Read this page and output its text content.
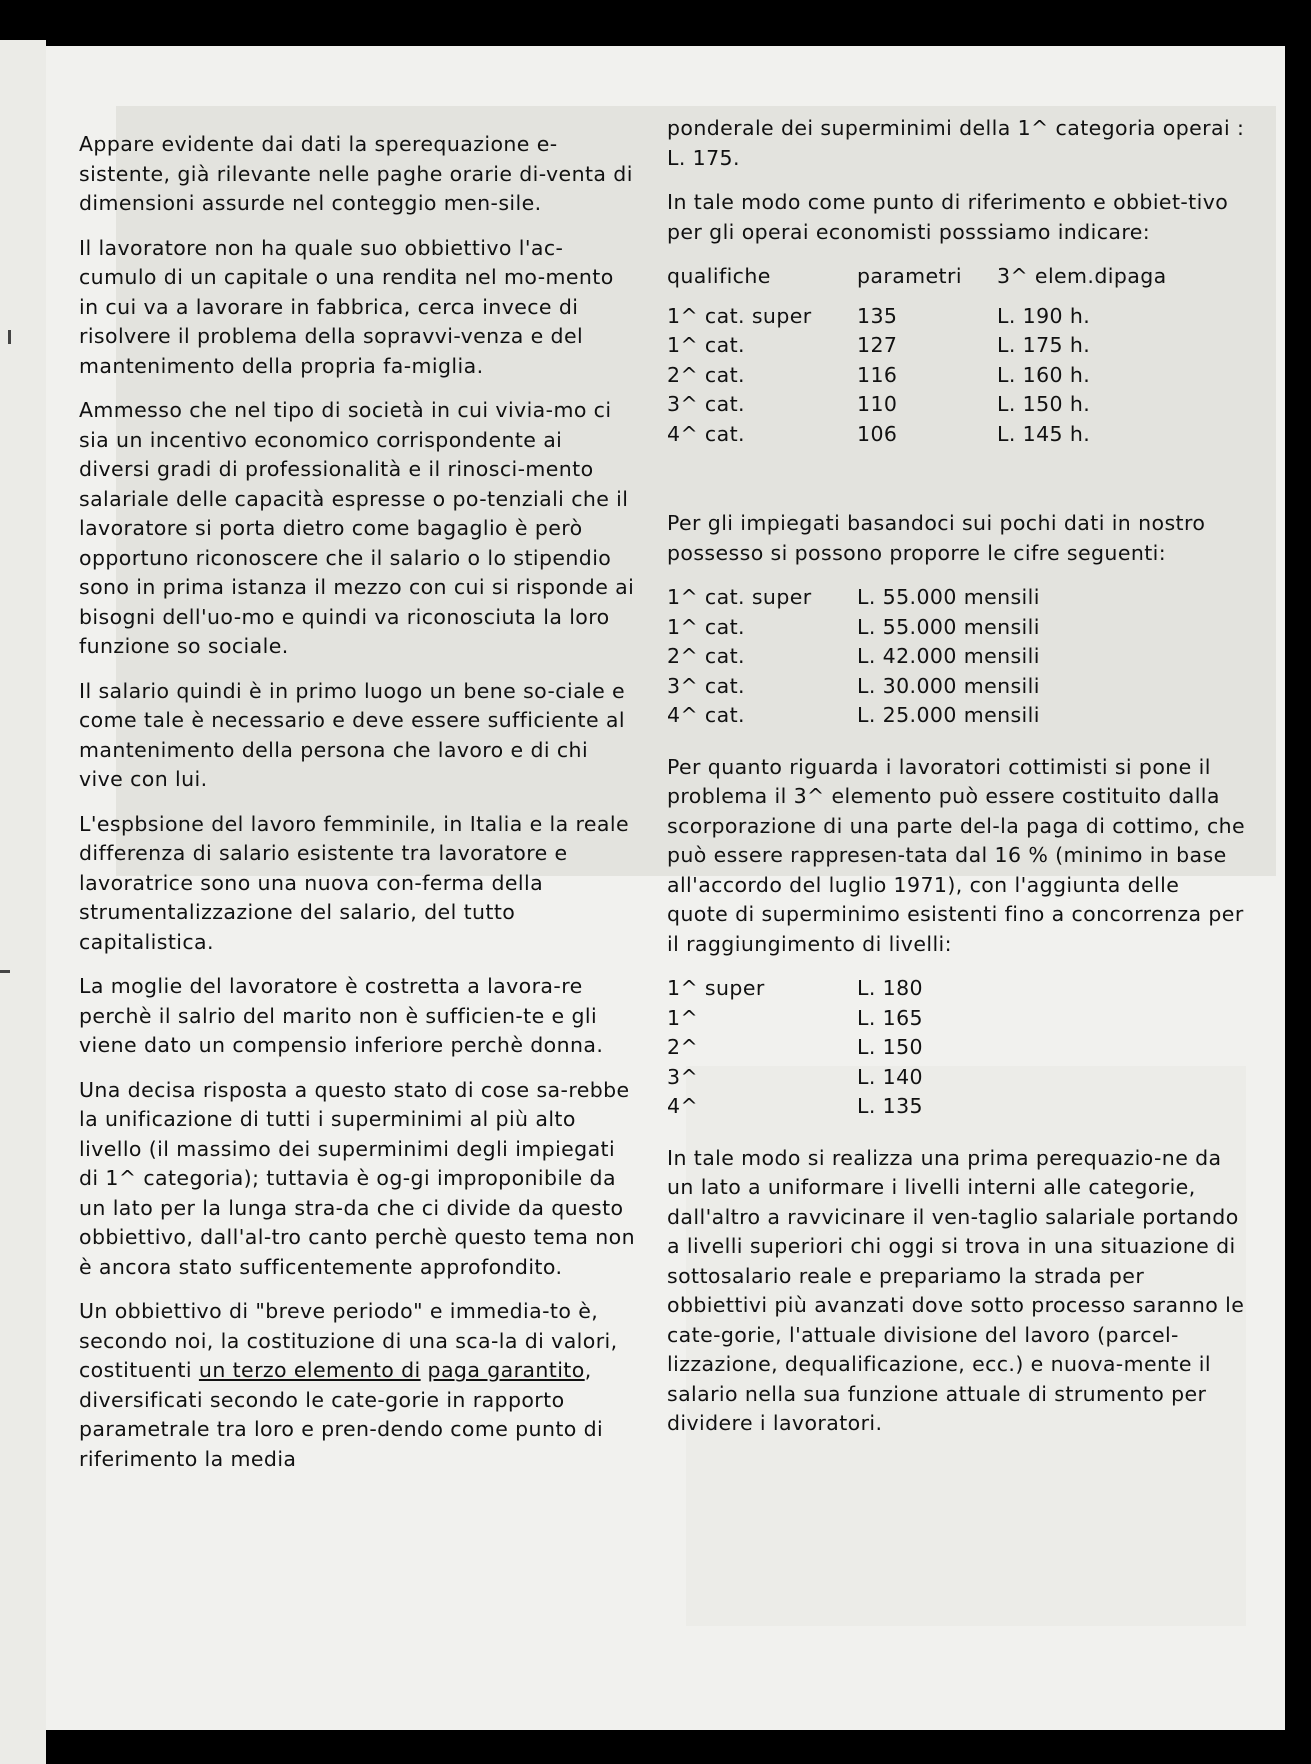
Appare evidente dai dati la sperequazione e-sistente, già rilevante nelle paghe orarie di-venta di dimensioni assurde nel conteggio men-sile.

Il lavoratore non ha quale suo obbiettivo l'ac-cumulo di un capitale o una rendita nel mo-mento in cui va a lavorare in fabbrica, cerca invece di risolvere il problema della sopravvi-venza e del mantenimento della propria fa-miglia.

Ammesso che nel tipo di società in cui vivia-mo ci sia un incentivo economico corrispondente ai diversi gradi di professionalità e il rinosci-mento salariale delle capacità espresse o po-tenziali che il lavoratore si porta dietro come bagaglio è però opportuno riconoscere che il salario o lo stipendio sono in prima istanza il mezzo con cui si risponde ai bisogni dell'uo-mo e quindi va riconosciuta la loro funzione so sociale.

Il salario quindi è in primo luogo un bene so-ciale e come tale è necessario e deve essere sufficiente al mantenimento della persona che lavoro e di chi vive con lui.

L'espbsione del lavoro femminile, in Italia e la reale differenza di salario esistente tra lavoratore e lavoratrice sono una nuova con-ferma della strumentalizzazione del salario, del tutto capitalistica.

La moglie del lavoratore è costretta a lavora-re perchè il salrio del marito non è sufficien-te e gli viene dato un compensio inferiore perchè donna.

Una decisa risposta a questo stato di cose sa-rebbe la unificazione di tutti i superminimi al più alto livello (il massimo dei superminimi degli impiegati di 1^ categoria); tuttavia è og-gi improponibile da un lato per la lunga stra-da che ci divide da questo obbiettivo, dall'al-tro canto perchè questo tema non è ancora stato sufficentemente approfondito.

Un obbiettivo di "breve periodo" e immedia-to è, secondo noi, la costituzione di una sca-la di valori, costituenti un terzo elemento di paga garantito, diversificati secondo le cate-gorie in rapporto parametrale tra loro e pren-dendo come punto di riferimento la media

ponderale dei superminimi della 1^ categoria operai : L. 175.

In tale modo come punto di riferimento e obbiet-tivo per gli operai economisti posssiamo indicare:

qualifiche	parametri	3^ elem.dipaga
1^ cat. super	135	L. 190 h.
1^ cat.	127	L. 175 h.
2^ cat.	116	L. 160 h.
3^ cat.	110	L. 150 h.
4^ cat.	106	L. 145 h.

Per gli impiegati basandoci sui pochi dati in nostro possesso si possono proporre le cifre seguenti:

1^ cat. super	L. 55.000 mensili
1^ cat.	L. 55.000 mensili
2^ cat.	L. 42.000 mensili
3^ cat.	L. 30.000 mensili
4^ cat.	L. 25.000 mensili

Per quanto riguarda i lavoratori cottimisti si pone il problema il 3^ elemento può essere costituito dalla scorporazione di una parte del-la paga di cottimo, che può essere rappresen-tata dal 16 % (minimo in base all'accordo del luglio 1971), con l'aggiunta delle quote di superminimo esistenti fino a concorrenza per il raggiungimento di livelli:

1^ super	L. 180
1^	L. 165
2^	L. 150
3^	L. 140
4^	L. 135

In tale modo si realizza una prima perequazio-ne da un lato a uniformare i livelli interni alle categorie, dall'altro a ravvicinare il ven-taglio salariale portando a livelli superiori chi oggi si trova in una situazione di sottosalario reale e prepariamo la strada per obbiettivi più avanzati dove sotto processo saranno le cate-gorie, l'attuale divisione del lavoro (parcel-lizzazione, dequalificazione, ecc.) e nuova-mente il salario nella sua funzione attuale di strumento per dividere i lavoratori.
